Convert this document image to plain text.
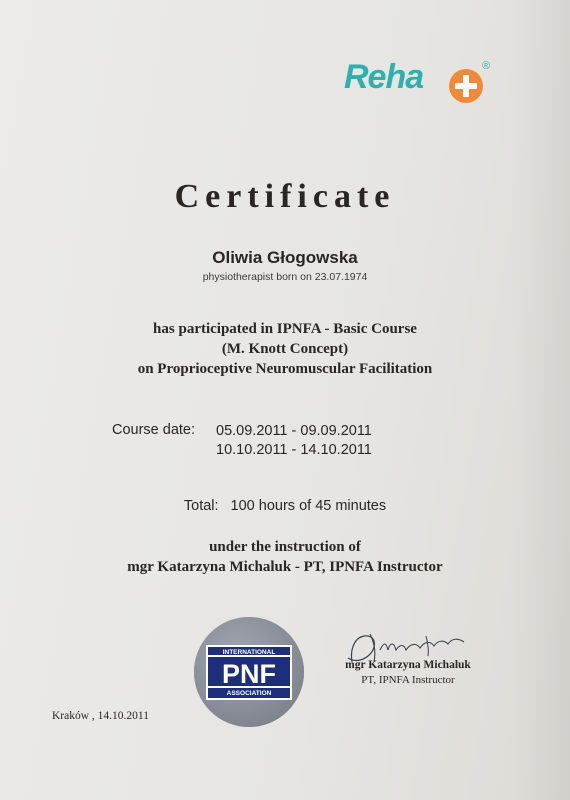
Reha	®
Certificate
Oliwia Głogowska
physiotherapist born on 23.07.1974
has participated in IPNFA - Basic Course
(M. Knott Concept)
on Proprioceptive Neuromuscular Facilitation
Course date: 05.09.2011 - 09.09.2011
10.10.2011 - 14.10.2011
Total: 100 hours of 45 minutes
under the instruction of
mgr Katarzyna Michaluk - PT, IPNFA Instructor
INTERNATIONAL
PNF
ASSOCIATION
mgr Katarzyna Michaluk
PT, IPNFA Instructor
Kraków , 14.10.2011
